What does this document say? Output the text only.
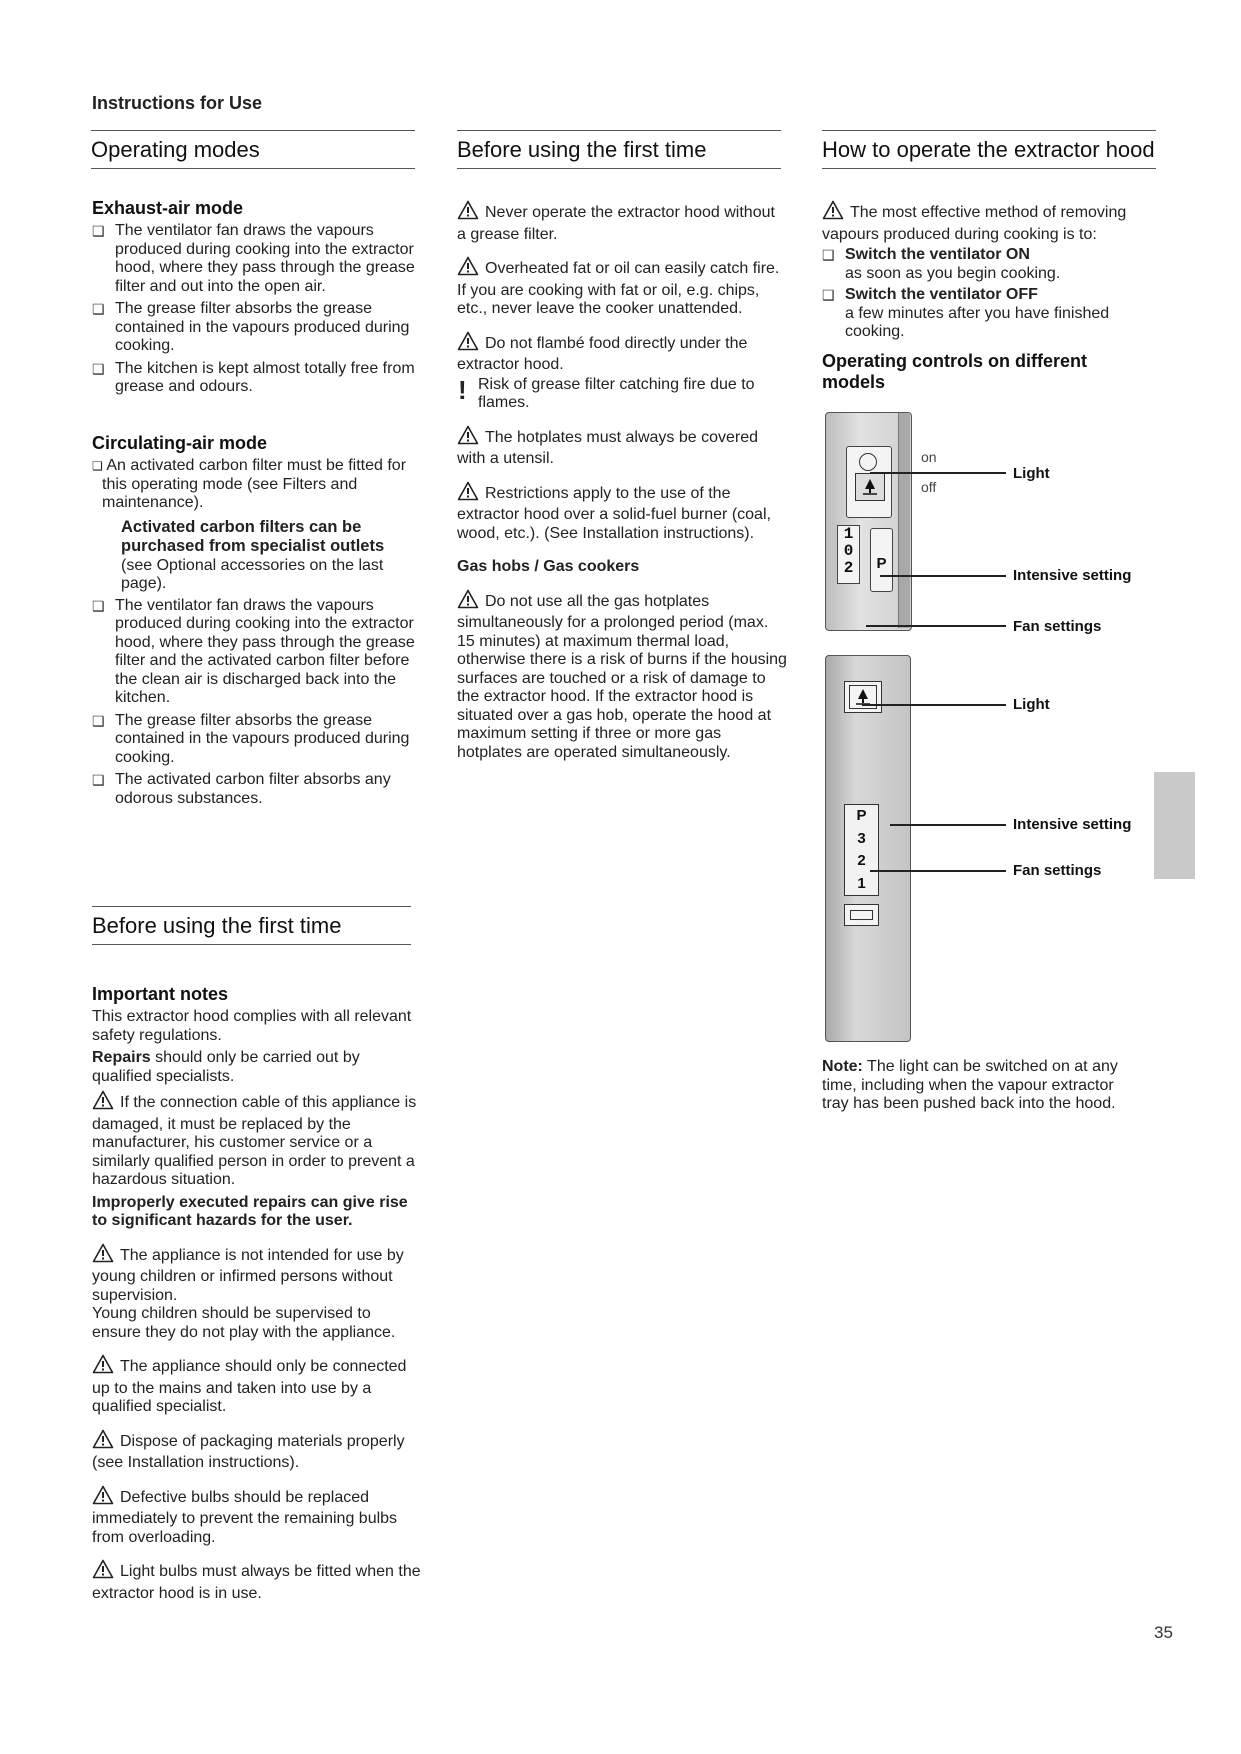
Instructions for Use
Operating modes

Exhaust-air mode

❑ The ventilator fan draws the vapours produced during cooking into the extractor hood, where they pass through the grease filter and out into the open air.
❑ The grease filter absorbs the grease contained in the vapours produced during cooking.
❑ The kitchen is kept almost totally free from grease and odours.

Circulating-air mode

❑ An activated carbon filter must be fitted for this operating mode (see Filters and maintenance).
Activated carbon filters can be purchased from specialist outlets
(see Optional accessories on the last page).
❑ The ventilator fan draws the vapours produced during cooking into the extractor hood, where they pass through the grease filter and the activated carbon filter before the clean air is discharged back into the kitchen.
❑ The grease filter absorbs the grease contained in the vapours produced during cooking.
❑ The activated carbon filter absorbs any odorous substances.
Before using the first time

Important notes

This extractor hood complies with all relevant safety regulations.

Repairs should only be carried out by qualified specialists.

If the connection cable of this appliance is damaged, it must be replaced by the manufacturer, his customer service or a similarly qualified person in order to prevent a hazardous situation.

Improperly executed repairs can give rise to significant hazards for the user.

The appliance is not intended for use by young children or infirmed persons without supervision.
Young children should be supervised to ensure they do not play with the appliance.

The appliance should only be connected up to the mains and taken into use by a qualified specialist.

Dispose of packaging materials properly (see Installation instructions).

Defective bulbs should be replaced immediately to prevent the remaining bulbs from overloading.

Light bulbs must always be fitted when the extractor hood is in use.

Before using the first time

Never operate the extractor hood without a grease filter.

Overheated fat or oil can easily catch fire.
If you are cooking with fat or oil, e.g. chips, etc., never leave the cooker unattended.

Do not flambé food directly under the extractor hood.

! Risk of grease filter catching fire due to flames.

The hotplates must always be covered with a utensil.

Restrictions apply to the use of the extractor hood over a solid-fuel burner (coal, wood, etc.). (See Installation instructions).

Gas hobs / Gas cookers

Do not use all the gas hotplates simultaneously for a prolonged period (max. 15 minutes) at maximum thermal load, otherwise there is a risk of burns if the housing surfaces are touched or a risk of damage to the extractor hood. If the extractor hood is situated over a gas hob, operate the hood at maximum setting if three or more gas hotplates are operated simultaneously.

How to operate the extractor hood

The most effective method of removing vapours produced during cooking is to:

❑ Switch the ventilator ON
as soon as you begin cooking.
❑ Switch the ventilator OFF
a few minutes after you have finished cooking.

Operating controls on different models

1
0
2	P
on
off
Light
Intensive setting
Fan settings
P
3
2
1
Light
Intensive setting
Fan settings

Note: The light can be switched on at any time, including when the vapour extractor tray has been pushed back into the hood.

35
